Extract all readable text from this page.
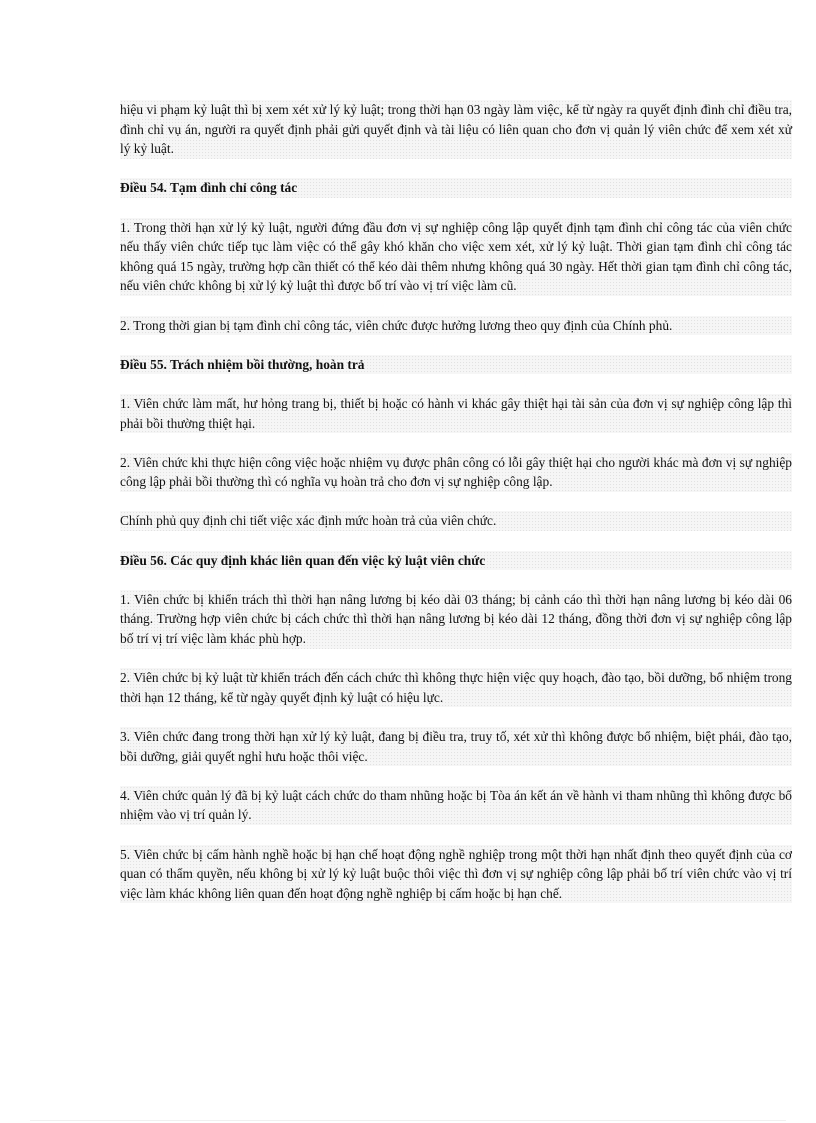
hiệu vi phạm kỷ luật thì bị xem xét xử lý kỷ luật; trong thời hạn 03 ngày làm việc, kể từ ngày ra quyết định đình chỉ điều tra, đình chỉ vụ án, người ra quyết định phải gửi quyết định và tài liệu có liên quan cho đơn vị quản lý viên chức để xem xét xử lý kỷ luật.

Điều 54. Tạm đình chỉ công tác

1. Trong thời hạn xử lý kỷ luật, người đứng đầu đơn vị sự nghiệp công lập quyết định tạm đình chỉ công tác của viên chức nếu thấy viên chức tiếp tục làm việc có thể gây khó khăn cho việc xem xét, xử lý kỷ luật. Thời gian tạm đình chỉ công tác không quá 15 ngày, trường hợp cần thiết có thể kéo dài thêm nhưng không quá 30 ngày. Hết thời gian tạm đình chỉ công tác, nếu viên chức không bị xử lý kỷ luật thì được bố trí vào vị trí việc làm cũ.

2. Trong thời gian bị tạm đình chỉ công tác, viên chức được hưởng lương theo quy định của Chính phủ.

Điều 55. Trách nhiệm bồi thường, hoàn trả

1. Viên chức làm mất, hư hỏng trang bị, thiết bị hoặc có hành vi khác gây thiệt hại tài sản của đơn vị sự nghiệp công lập thì phải bồi thường thiệt hại.

2. Viên chức khi thực hiện công việc hoặc nhiệm vụ được phân công có lỗi gây thiệt hại cho người khác mà đơn vị sự nghiệp công lập phải bồi thường thì có nghĩa vụ hoàn trả cho đơn vị sự nghiệp công lập.

Chính phủ quy định chi tiết việc xác định mức hoàn trả của viên chức.

Điều 56. Các quy định khác liên quan đến việc kỷ luật viên chức

1. Viên chức bị khiển trách thì thời hạn nâng lương bị kéo dài 03 tháng; bị cảnh cáo thì thời hạn nâng lương bị kéo dài 06 tháng. Trường hợp viên chức bị cách chức thì thời hạn nâng lương bị kéo dài 12 tháng, đồng thời đơn vị sự nghiệp công lập bố trí vị trí việc làm khác phù hợp.

2. Viên chức bị kỷ luật từ khiển trách đến cách chức thì không thực hiện việc quy hoạch, đào tạo, bồi dưỡng, bổ nhiệm trong thời hạn 12 tháng, kể từ ngày quyết định kỷ luật có hiệu lực.

3. Viên chức đang trong thời hạn xử lý kỷ luật, đang bị điều tra, truy tố, xét xử thì không được bổ nhiệm, biệt phái, đào tạo, bồi dưỡng, giải quyết nghỉ hưu hoặc thôi việc.

4. Viên chức quản lý đã bị kỷ luật cách chức do tham nhũng hoặc bị Tòa án kết án về hành vi tham nhũng thì không được bổ nhiệm vào vị trí quản lý.

5. Viên chức bị cấm hành nghề hoặc bị hạn chế hoạt động nghề nghiệp trong một thời hạn nhất định theo quyết định của cơ quan có thẩm quyền, nếu không bị xử lý kỷ luật buộc thôi việc thì đơn vị sự nghiệp công lập phải bố trí viên chức vào vị trí việc làm khác không liên quan đến hoạt động nghề nghiệp bị cấm hoặc bị hạn chế.
